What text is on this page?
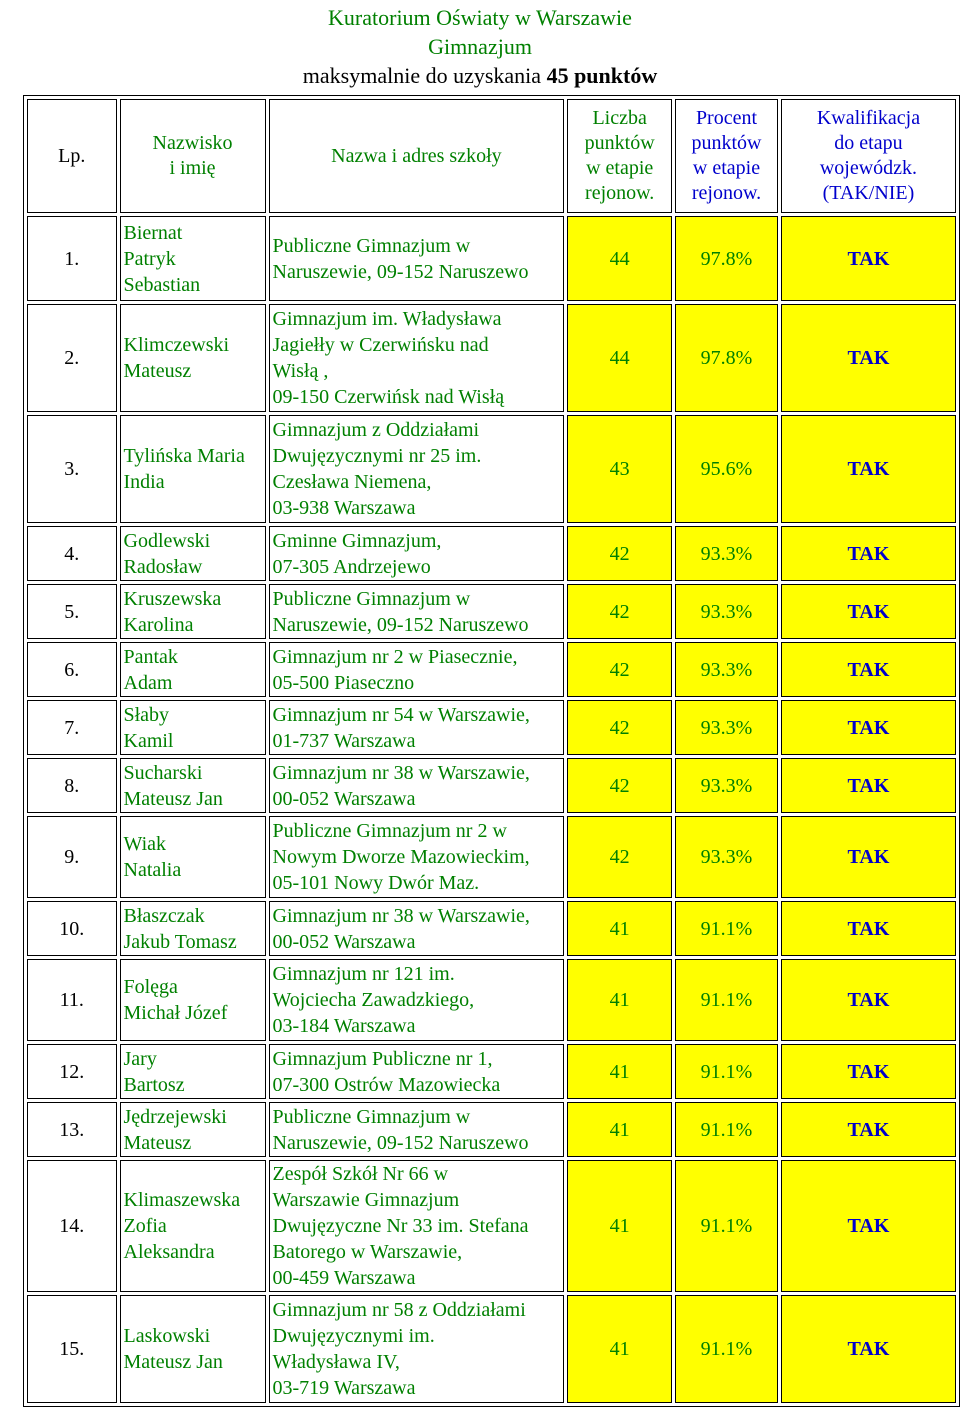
Kuratorium Oświaty w Warszawie
Gimnazjum
maksymalnie do uzyskania 45 punktów
Lp.	Nazwisko
i imię	Nazwa i adres szkoły	Liczba
punktów
w etapie
rejonow.	Procent
punktów
w etapie
rejonow.	Kwalifikacja
do etapu
wojewódzk.
(TAK/NIE)

1.	Biernat
Patryk
Sebastian	Publiczne Gimnazjum w
Naruszewie, 09-152 Naruszewo	44	97.8%	TAK
2.	Klimczewski
Mateusz	Gimnazjum im. Władysława
Jagiełły w Czerwińsku nad
Wisłą ,
09-150 Czerwińsk nad Wisłą	44	97.8%	TAK
3.	Tylińska Maria
India	Gimnazjum z Oddziałami
Dwujęzycznymi nr 25 im.
Czesława Niemena,
03-938 Warszawa	43	95.6%	TAK
4.	Godlewski
Radosław	Gminne Gimnazjum,
07-305 Andrzejewo	42	93.3%	TAK
5.	Kruszewska
Karolina	Publiczne Gimnazjum w
Naruszewie, 09-152 Naruszewo	42	93.3%	TAK
6.	Pantak
Adam	Gimnazjum nr 2 w Piasecznie,
05-500 Piaseczno	42	93.3%	TAK
7.	Słaby
Kamil	Gimnazjum nr 54 w Warszawie,
01-737 Warszawa	42	93.3%	TAK
8.	Sucharski
Mateusz Jan	Gimnazjum nr 38 w Warszawie,
00-052 Warszawa	42	93.3%	TAK
9.	Wiak
Natalia	Publiczne Gimnazjum nr 2 w
Nowym Dworze Mazowieckim,
05-101 Nowy Dwór Maz.	42	93.3%	TAK
10.	Błaszczak
Jakub Tomasz	Gimnazjum nr 38 w Warszawie,
00-052 Warszawa	41	91.1%	TAK
11.	Folęga
Michał Józef	Gimnazjum nr 121 im.
Wojciecha Zawadzkiego,
03-184 Warszawa	41	91.1%	TAK
12.	Jary
Bartosz	Gimnazjum Publiczne nr 1,
07-300 Ostrów Mazowiecka	41	91.1%	TAK
13.	Jędrzejewski
Mateusz	Publiczne Gimnazjum w
Naruszewie, 09-152 Naruszewo	41	91.1%	TAK
14.	Klimaszewska
Zofia
Aleksandra	Zespół Szkół Nr 66 w
Warszawie Gimnazjum
Dwujęzyczne Nr 33 im. Stefana
Batorego w Warszawie,
00-459 Warszawa	41	91.1%	TAK
15.	Laskowski
Mateusz Jan	Gimnazjum nr 58 z Oddziałami
Dwujęzycznymi im.
Władysława IV,
03-719 Warszawa	41	91.1%	TAK
